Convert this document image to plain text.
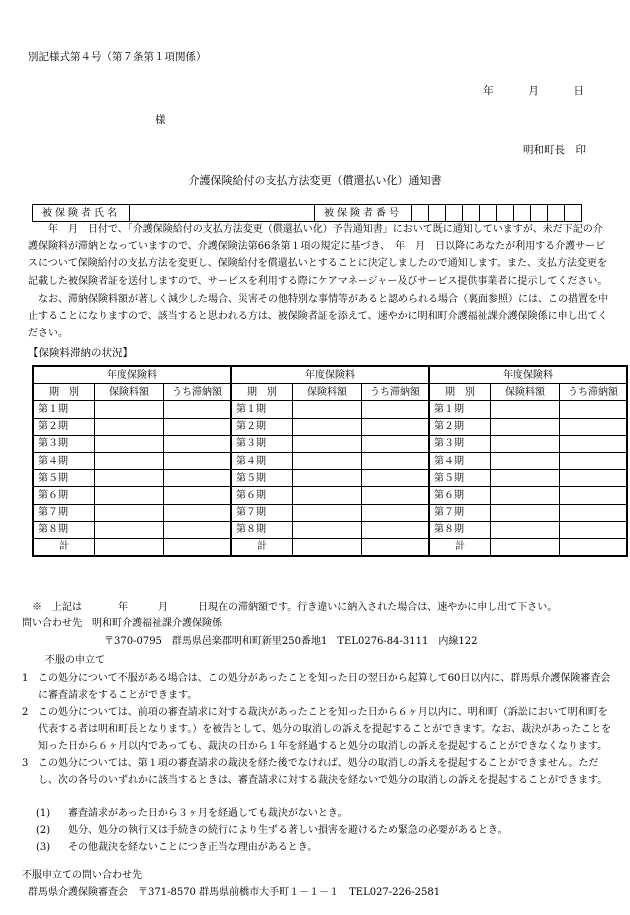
別記様式第４号（第７条第１項関係）
年	月	日
様
明和町長　印
介護保険給付の支払方法変更（償還払い化）通知書
被保険者氏名		被保険者番号										
年　月　日付で、「介護保険給付の支払方法変更（償還払い化）予告通知書」において既に通知していますが、未だ下記の介護保険料が滞納となっていますので、介護保険法第66条第１項の規定に基づき、　年　月　日以降にあなたが利用する介護サービスについて保険給付の支払方法を変更し、保険給付を償還払いとすることに決定しましたので通知します。また、支払方法変更を記載した被保険者証を送付しますので、サービスを利用する際にケアマネージャー及びサービス提供事業者に提示してください。
なお、滞納保険料額が著しく減少した場合、災害その他特別な事情等があると認められる場合（裏面参照）には、この措置を中止することになりますので、該当すると思われる方は、被保険者証を添えて、速やかに明和町介護福祉課介護保険係に申し出てください。
【保険料滞納の状況】
年度保険料			年度保険料			年度保険料		
期　別	保険料額	うち滞納額	期　別	保険料額	うち滞納額	期　別	保険料額	うち滞納額
第１期			第１期			第１期		
第２期			第２期			第２期		
第３期			第３期			第３期		
第４期			第４期			第４期		
第５期			第５期			第５期		
第６期			第６期			第６期		
第７期			第７期			第７期		
第８期			第８期			第８期		
計			計			計		
※　上記は	年	月	日現在の滞納額です。行き違いに納入された場合は、速やかに申し出て下さい。
問い合わせ先　明和町介護福祉課介護保険係
〒370-0795　群馬県邑楽郡明和町新里250番地1　TEL0276-84-3111　内線122
不服の申立て
1 この処分について不服がある場合は、この処分があったことを知った日の翌日から起算して60日以内に、群馬県介護保険審査会に審査請求をすることができます。
2 この処分については、前項の審査請求に対する裁決があったことを知った日から６ヶ月以内に、明和町（訴訟において明和町を代表する者は明和町長となります。）を被告として、処分の取消しの訴えを提起することができます。なお、裁決があったことを知った日から６ヶ月以内であっても、裁決の日から１年を経過すると処分の取消しの訴えを提起することができなくなります。
3 この処分については、第１項の審査請求の裁決を経た後でなければ、処分の取消しの訴えを提起することができません。ただし、次の各号のいずれかに該当するときは、審査請求に対する裁決を経ないで処分の取消しの訴えを提起することができます。
(1) 審査請求があった日から３ヶ月を経過しても裁決がないとき。
(2) 処分、処分の執行又は手続きの続行により生ずる著しい損害を避けるため緊急の必要があるとき。
(3) その他裁決を経ないことにつき正当な理由があるとき。
不服申立ての問い合わせ先
群馬県介護保険審査会　〒371-8570 群馬県前橋市大手町１－１－１　TEL027-226-2581
